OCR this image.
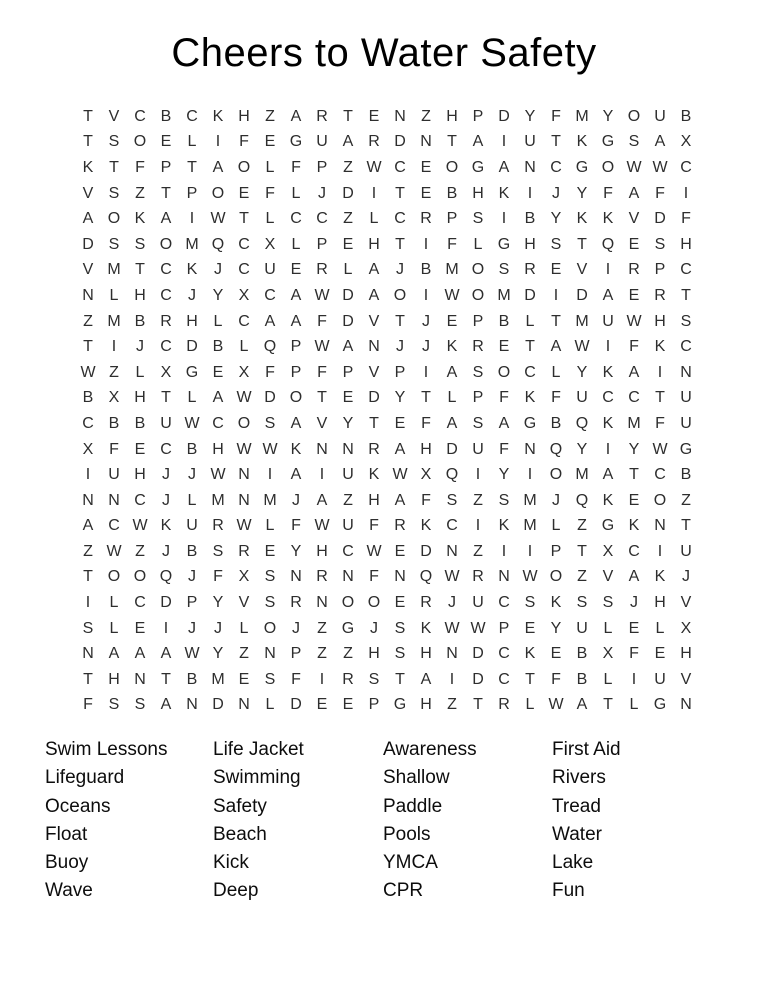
Cheers to Water Safety
T V C B C K H Z A R T E N Z H P D Y F M Y O U B
T S O E	L	I	F E G U A R D N T A	I	U T K G S A X
K T	F P T A O L	F P Z W C E O G A N C G O W W C
V S Z	T P O E F	L	J	D	I	T E B H K	I	J	Y F A F	I
A O K A	I	W T	L C C Z	L C R P S	I	B Y K K V D F
D S S O M Q C X	L	P E H T	I	F	L G H S T Q E S H
V M T C K	J	C U E R L	A	J	B M O S R E V	I	R P C
N L H C	J	Y X C A W D A O	I	W O M D	I	D A E R T
Z M B R H L C A A F D V T	J	E P B	L	T M U W H S
T	I	J	C D B	L Q P W A N	J	J	K R E T A W	I	F K C
W Z	L	X G E X F P F P V P	I	A S O C L	Y K A	I	N
B X H T	L	A W D O T E D Y T	L	P F K F U C C T U
C B B U W C O S A V Y T E F A S A G B Q K M F U
X F E C B H W W K N N R A H D U F N Q Y	I	Y W G
I	U H	J	J W N	I	A	I	U K W X Q	I	Y	I	O M A T C B
N N C	J	L M N M J	A Z H A F S Z S M J Q K E O Z
A C W K U R W L	F W U F R K C	I	K M L	Z G K N T
Z W Z	J	B S R E Y H C W E D N Z	I	I	P T X C	I	U
T O O Q J	F X S N R N F N Q W R N W O Z V A K	J
I	L C D P Y V S R N O O E R	J	U C S K S S	J	H V
S	L	E	I	J	J	L O J	Z G J	S K W W P E Y U L	E	L	X
N A A A W Y Z N P Z	Z H S H N D C K E B X F E H
T H N T B M E S F	I	R S T A	I	D C T	F B	L	I	U V
F S S A N D N L D E E P G H Z	T R L W A T	L G N
Swim Lessons
Lifeguard
Oceans
Float
Buoy
Wave
Life Jacket
Swimming
Safety
Beach
Kick
Deep
Awareness
Shallow
Paddle
Pools
YMCA
CPR
First Aid
Rivers
Tread
Water
Lake
Fun
